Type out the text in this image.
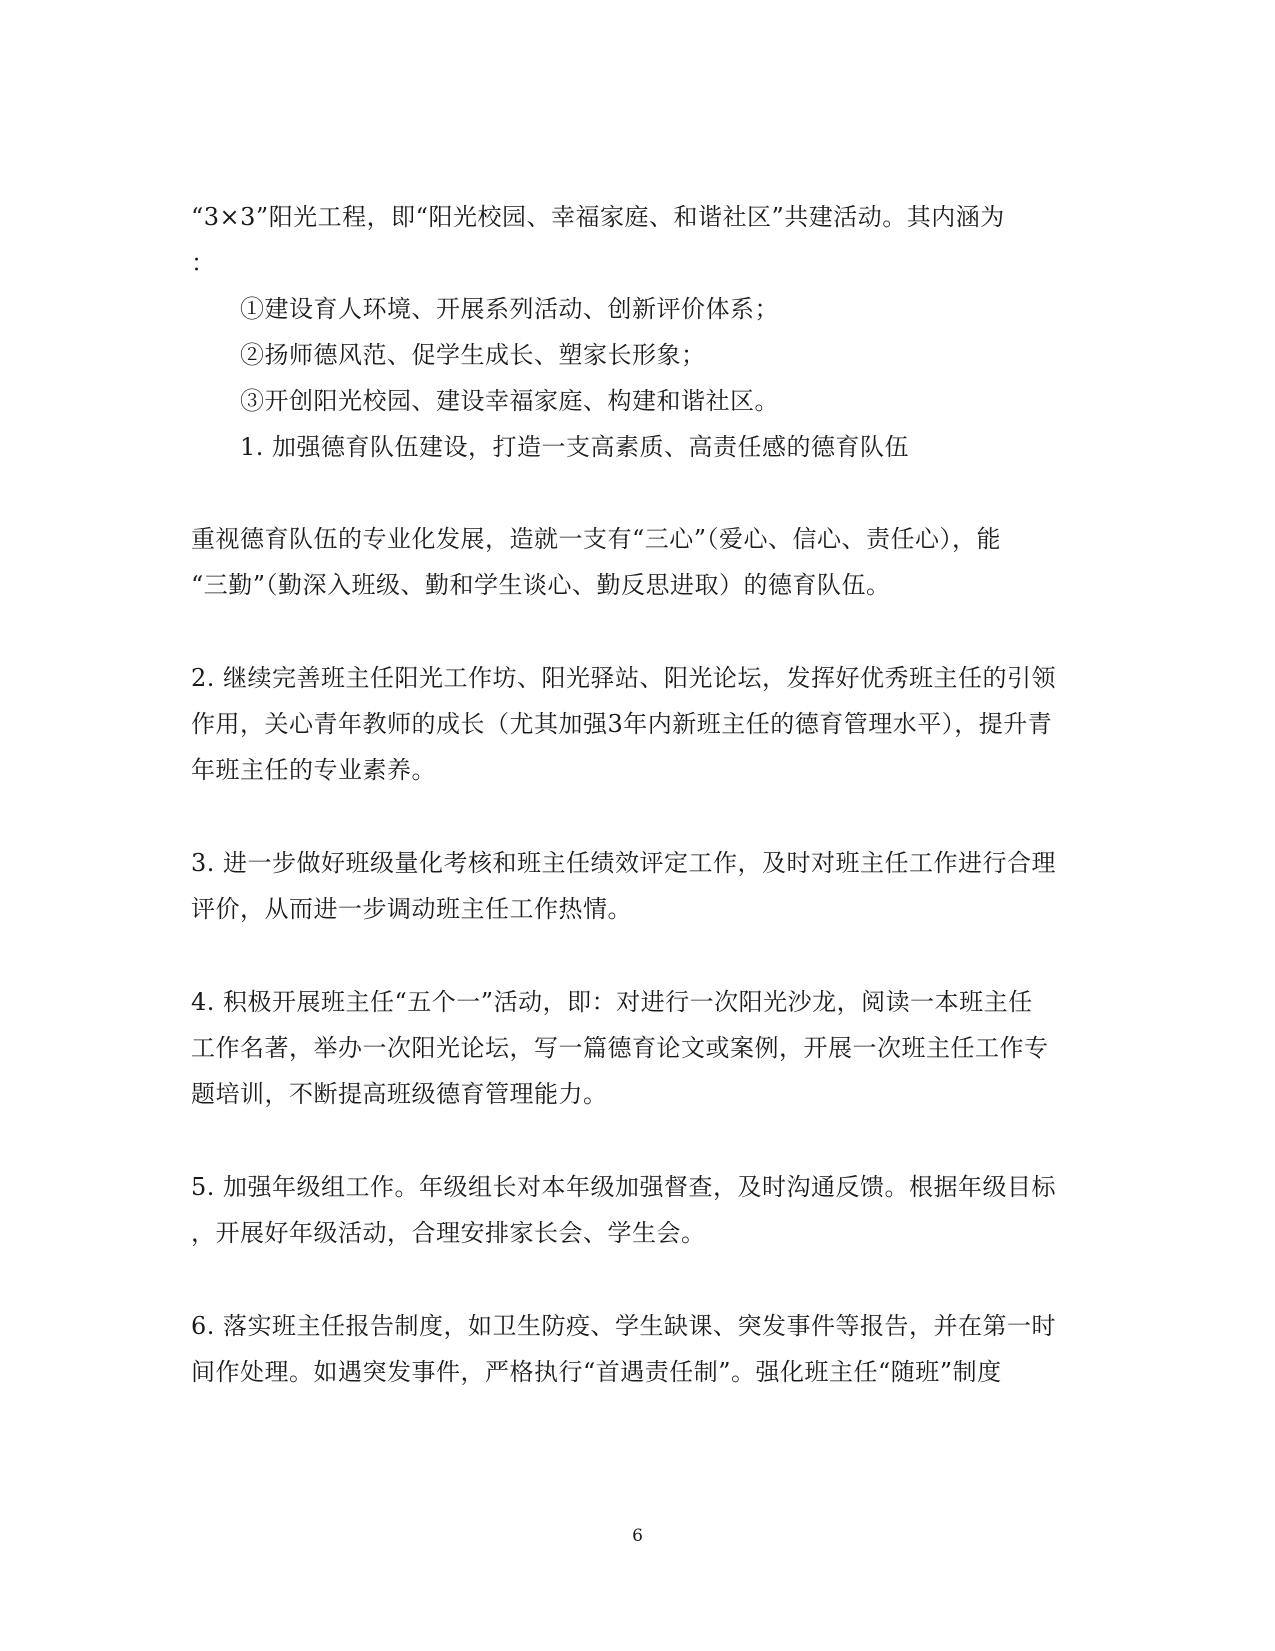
“3×3”阳光工程，即“阳光校园、幸福家庭、和谐社区”共建活动。其内涵为
：
①建设育人环境、开展系列活动、创新评价体系；
②扬师德风范、促学生成长、塑家长形象；
③开创阳光校园、建设幸福家庭、构建和谐社区。
1. 加强德育队伍建设，打造一支高素质、高责任感的德育队伍
重视德育队伍的专业化发展，造就一支有“三心”（爱心、信心、责任心），能
“三勤”（勤深入班级、勤和学生谈心、勤反思进取）的德育队伍。
2. 继续完善班主任阳光工作坊、阳光驿站、阳光论坛，发挥好优秀班主任的引领
作用，关心青年教师的成长（尤其加强3年内新班主任的德育管理水平），提升青
年班主任的专业素养。
3. 进一步做好班级量化考核和班主任绩效评定工作，及时对班主任工作进行合理
评价，从而进一步调动班主任工作热情。
4. 积极开展班主任“五个一”活动，即：对进行一次阳光沙龙，阅读一本班主任
工作名著，举办一次阳光论坛，写一篇德育论文或案例，开展一次班主任工作专
题培训，不断提高班级德育管理能力。
5. 加强年级组工作。年级组长对本年级加强督查，及时沟通反馈。根据年级目标
，开展好年级活动，合理安排家长会、学生会。
6. 落实班主任报告制度，如卫生防疫、学生缺课、突发事件等报告，并在第一时
间作处理。如遇突发事件，严格执行“首遇责任制”。强化班主任“随班”制度
6
